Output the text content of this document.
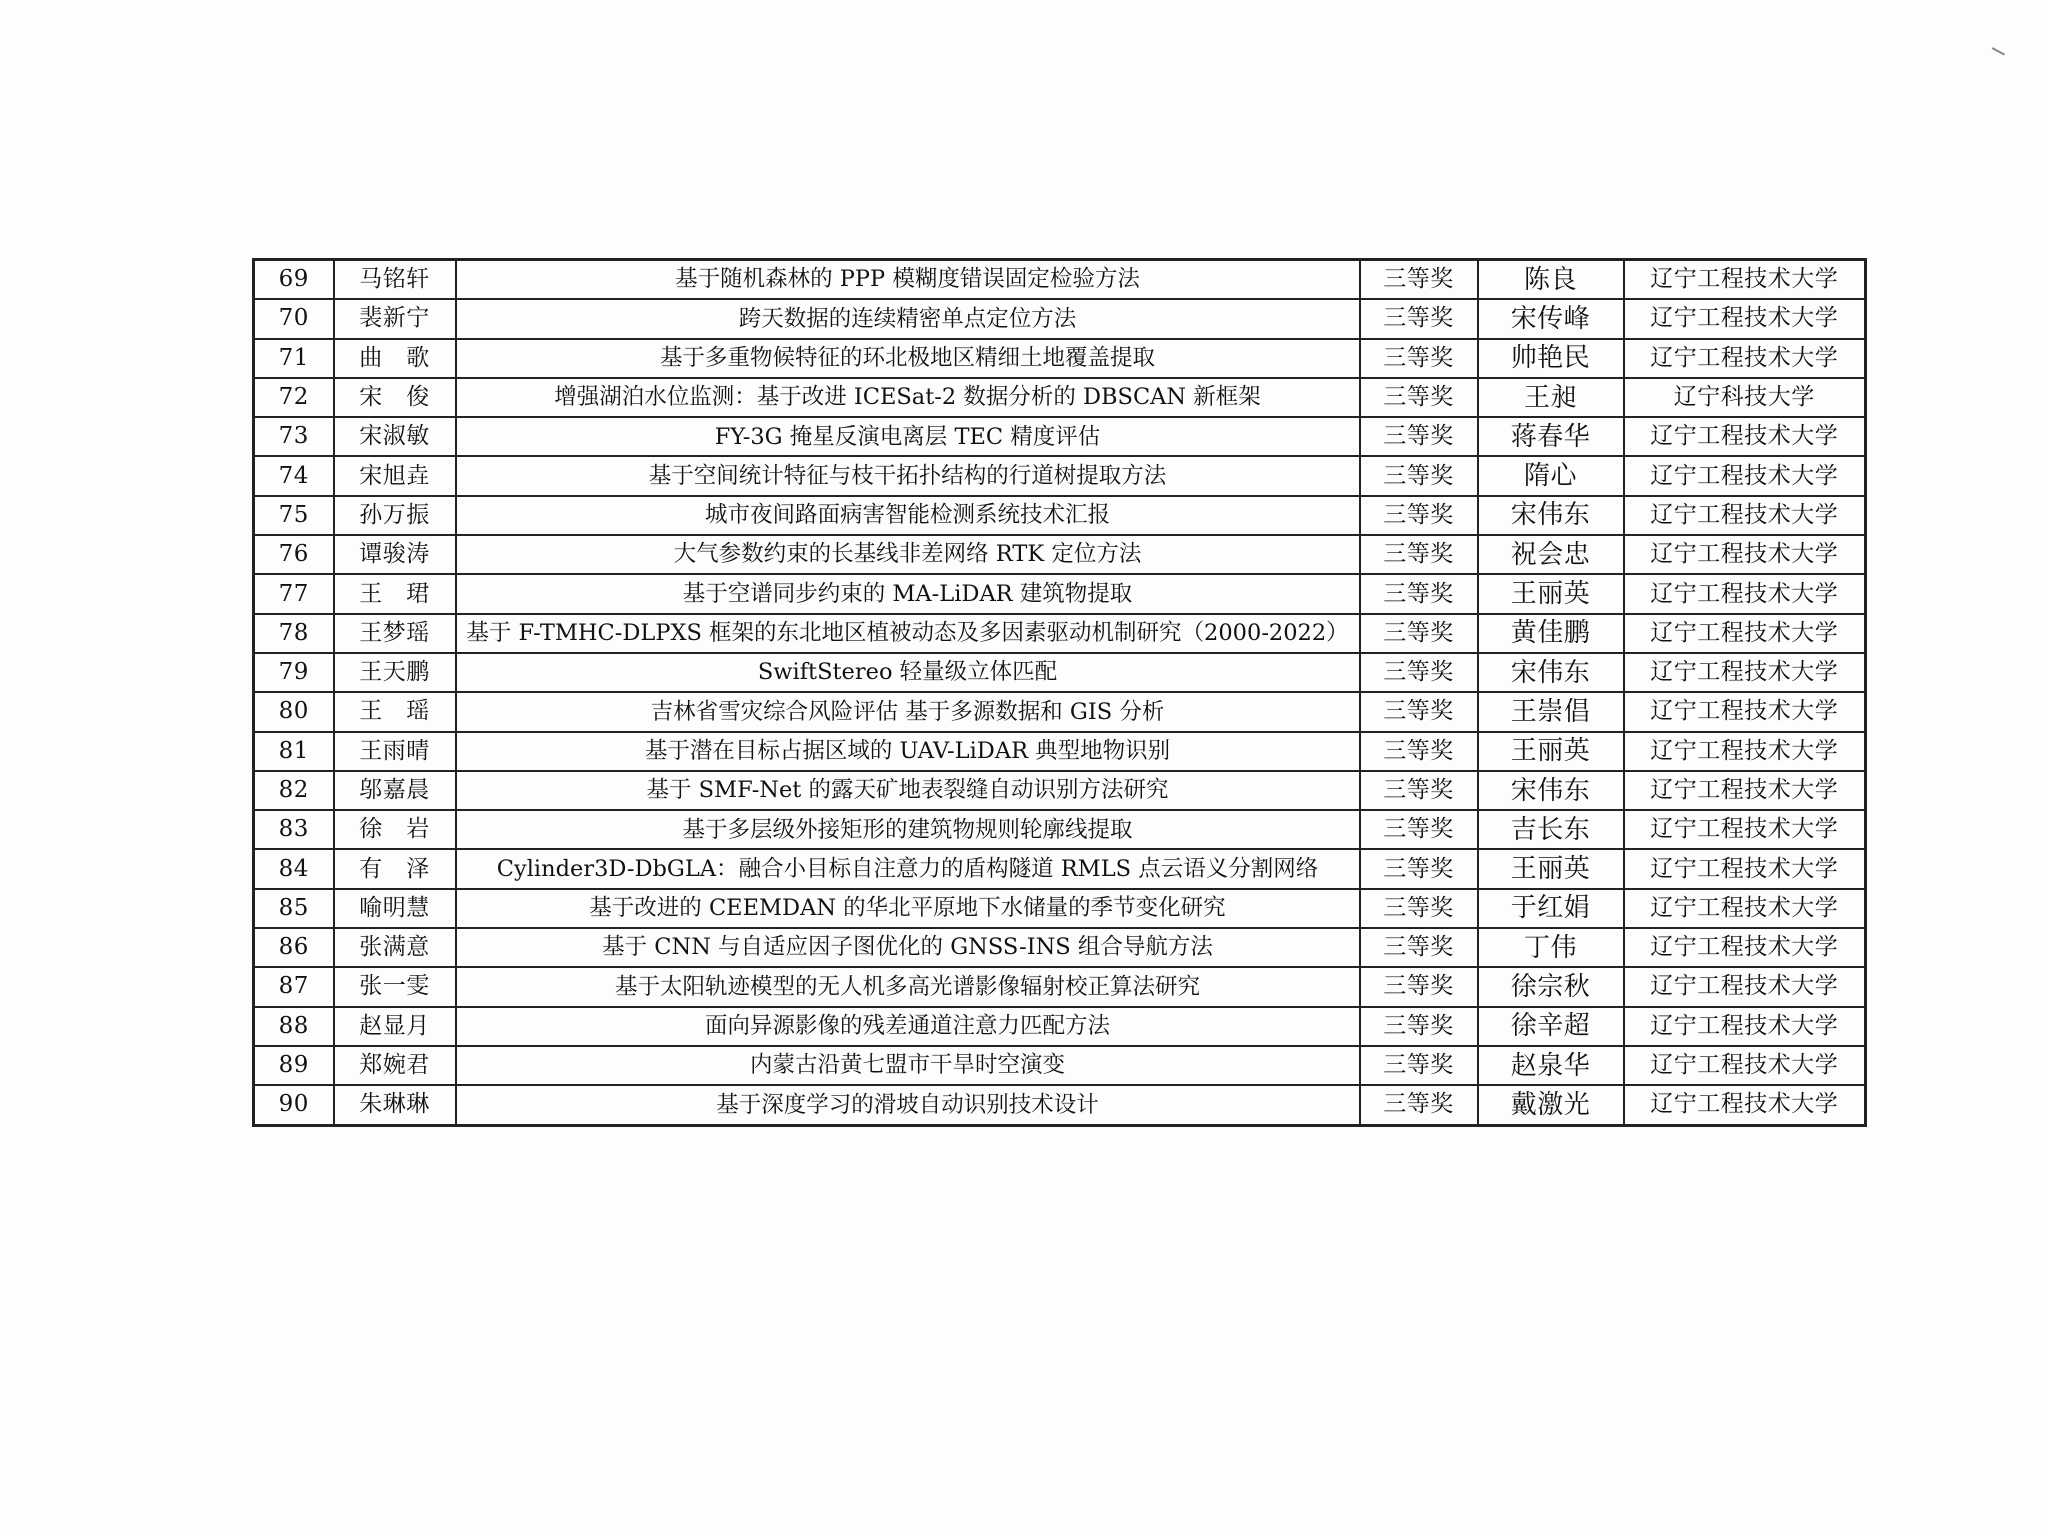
69	马铭轩	基于随机森林的 PPP 模糊度错误固定检验方法	三等奖	陈良	辽宁工程技术大学
70	裴新宁	跨天数据的连续精密单点定位方法	三等奖	宋传峰	辽宁工程技术大学
71	曲　歌	基于多重物候特征的环北极地区精细土地覆盖提取	三等奖	帅艳民	辽宁工程技术大学
72	宋　俊	增强湖泊水位监测：基于改进 ICESat-2 数据分析的 DBSCAN 新框架	三等奖	王昶	辽宁科技大学
73	宋淑敏	FY-3G 掩星反演电离层 TEC 精度评估	三等奖	蒋春华	辽宁工程技术大学
74	宋旭垚	基于空间统计特征与枝干拓扑结构的行道树提取方法	三等奖	隋心	辽宁工程技术大学
75	孙万振	城市夜间路面病害智能检测系统技术汇报	三等奖	宋伟东	辽宁工程技术大学
76	谭骏涛	大气参数约束的长基线非差网络 RTK 定位方法	三等奖	祝会忠	辽宁工程技术大学
77	王　珺	基于空谱同步约束的 MA-LiDAR 建筑物提取	三等奖	王丽英	辽宁工程技术大学
78	王梦瑶	基于 F-TMHC-DLPXS 框架的东北地区植被动态及多因素驱动机制研究（2000-2022）	三等奖	黄佳鹏	辽宁工程技术大学
79	王天鹏	SwiftStereo 轻量级立体匹配	三等奖	宋伟东	辽宁工程技术大学
80	王　瑶	吉林省雪灾综合风险评估 基于多源数据和 GIS 分析	三等奖	王崇倡	辽宁工程技术大学
81	王雨晴	基于潜在目标占据区域的 UAV-LiDAR 典型地物识别	三等奖	王丽英	辽宁工程技术大学
82	邬嘉晨	基于 SMF-Net 的露天矿地表裂缝自动识别方法研究	三等奖	宋伟东	辽宁工程技术大学
83	徐　岩	基于多层级外接矩形的建筑物规则轮廓线提取	三等奖	吉长东	辽宁工程技术大学
84	有　泽	Cylinder3D-DbGLA：融合小目标自注意力的盾构隧道 RMLS 点云语义分割网络	三等奖	王丽英	辽宁工程技术大学
85	喻明慧	基于改进的 CEEMDAN 的华北平原地下水储量的季节变化研究	三等奖	于红娟	辽宁工程技术大学
86	张满意	基于 CNN 与自适应因子图优化的 GNSS-INS 组合导航方法	三等奖	丁伟	辽宁工程技术大学
87	张一雯	基于太阳轨迹模型的无人机多高光谱影像辐射校正算法研究	三等奖	徐宗秋	辽宁工程技术大学
88	赵显月	面向异源影像的残差通道注意力匹配方法	三等奖	徐辛超	辽宁工程技术大学
89	郑婉君	内蒙古沿黄七盟市干旱时空演变	三等奖	赵泉华	辽宁工程技术大学
90	朱琳琳	基于深度学习的滑坡自动识别技术设计	三等奖	戴激光	辽宁工程技术大学
